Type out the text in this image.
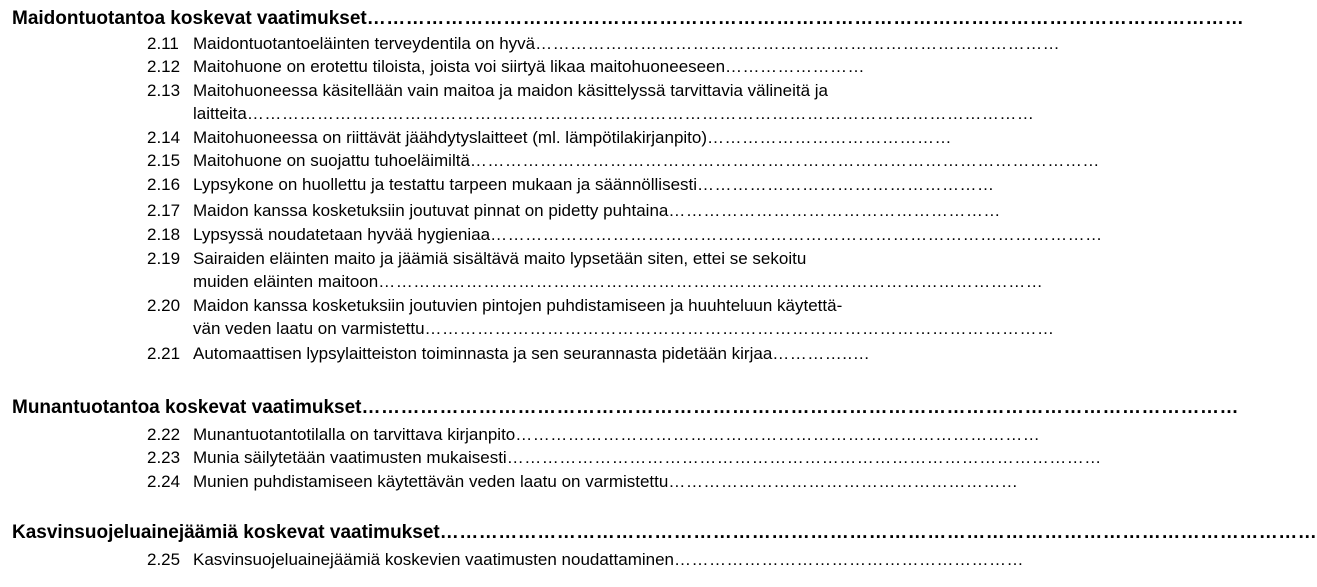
Maidontuotantoa koskevat vaatimukset………………………………………………………………………………………………………………………
2.11 Maidontuotantoeläinten terveydentila on hyvä………………………………………………………………………………
2.12 Maitohuone on erotettu tiloista, joista voi siirtyä likaa maitohuoneeseen……………………
2.13 Maitohuoneessa käsitellään vain maitoa ja maidon käsittelyssä tarvittavia välineitä ja
laitteita………………………………………………………………………………………………………………………
2.14 Maitohuoneessa on riittävät jäähdytyslaitteet (ml. lämpötilakirjanpito)……………………………………
2.15 Maitohuone on suojattu tuhoeläimiltä………………………………………………………………………………………………
2.16 Lypsykone on huollettu ja testattu tarpeen mukaan ja säännöllisesti……………………………………………
2.17 Maidon kanssa kosketuksiin joutuvat pinnat on pidetty puhtaina…………………………………………………
2.18 Lypsyssä noudatetaan hyvää hygieniaa……………………………………………………………………………………………
2.19 Sairaiden eläinten maito ja jäämiä sisältävä maito lypsetään siten, ettei se sekoitu
muiden eläinten maitoon……………………………………………………………………………………………………
2.20 Maidon kanssa kosketuksiin joutuvien pintojen puhdistamiseen ja huuhteluun käytettä-
vän veden laatu on varmistettu………………………………………………………………………………………………
2.21 Automaattisen lypsylaitteiston toiminnasta ja sen seurannasta pidetään kirjaa…………..…
Munantuotantoa koskevat vaatimukset………………………………………………………………………………………………………………………
2.22 Munantuotantotilalla on tarvittava kirjanpito………………………………………………………………………………
2.23 Munia säilytetään vaatimusten mukaisesti…………………………………………………………………………………………
2.24 Munien puhdistamiseen käytettävän veden laatu on varmistettu……………………………………………………
Kasvinsuojeluainejäämiä koskevat vaatimukset………………………………………………………………………………………………………………………
2.25 Kasvinsuojeluainejäämiä koskevien vaatimusten noudattaminen……………………………………………………
